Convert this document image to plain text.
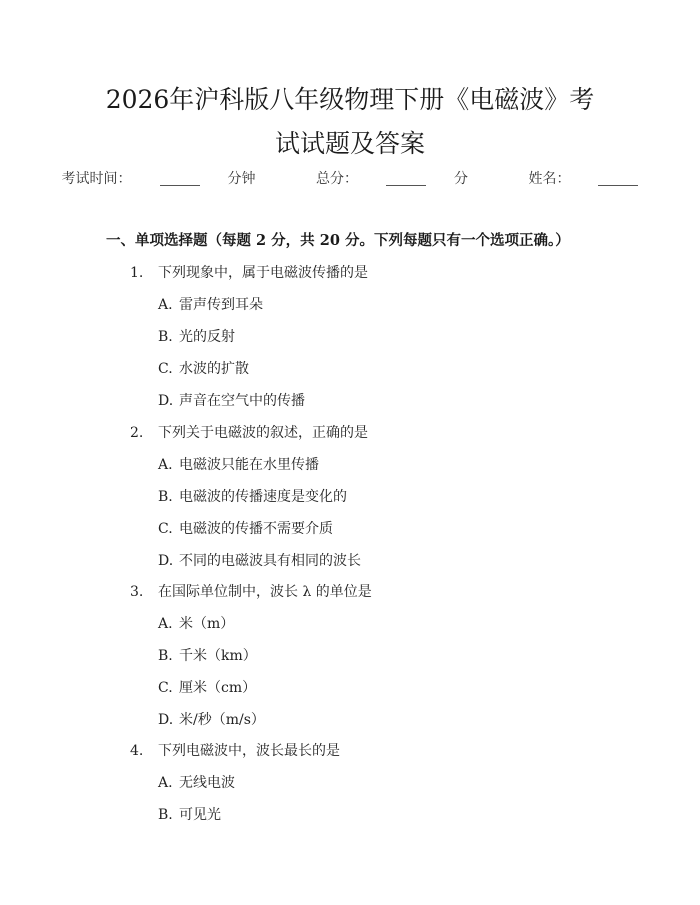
2026年沪科版八年级物理下册《电磁波》考试试题及答案
考试时间：	分钟	总分：	分	姓名：
一、单项选择题（每题 2 分，共 20 分。下列每题只有一个选项正确。）
1. 下列现象中，属于电磁波传播的是
A. 雷声传到耳朵
B. 光的反射
C. 水波的扩散
D. 声音在空气中的传播
2. 下列关于电磁波的叙述，正确的是
A. 电磁波只能在水里传播
B. 电磁波的传播速度是变化的
C. 电磁波的传播不需要介质
D. 不同的电磁波具有相同的波长
3. 在国际单位制中，波长 λ 的单位是
A. 米（m）
B. 千米（km）
C. 厘米（cm）
D. 米/秒（m/s）
4. 下列电磁波中，波长最长的是
A. 无线电波
B. 可见光
